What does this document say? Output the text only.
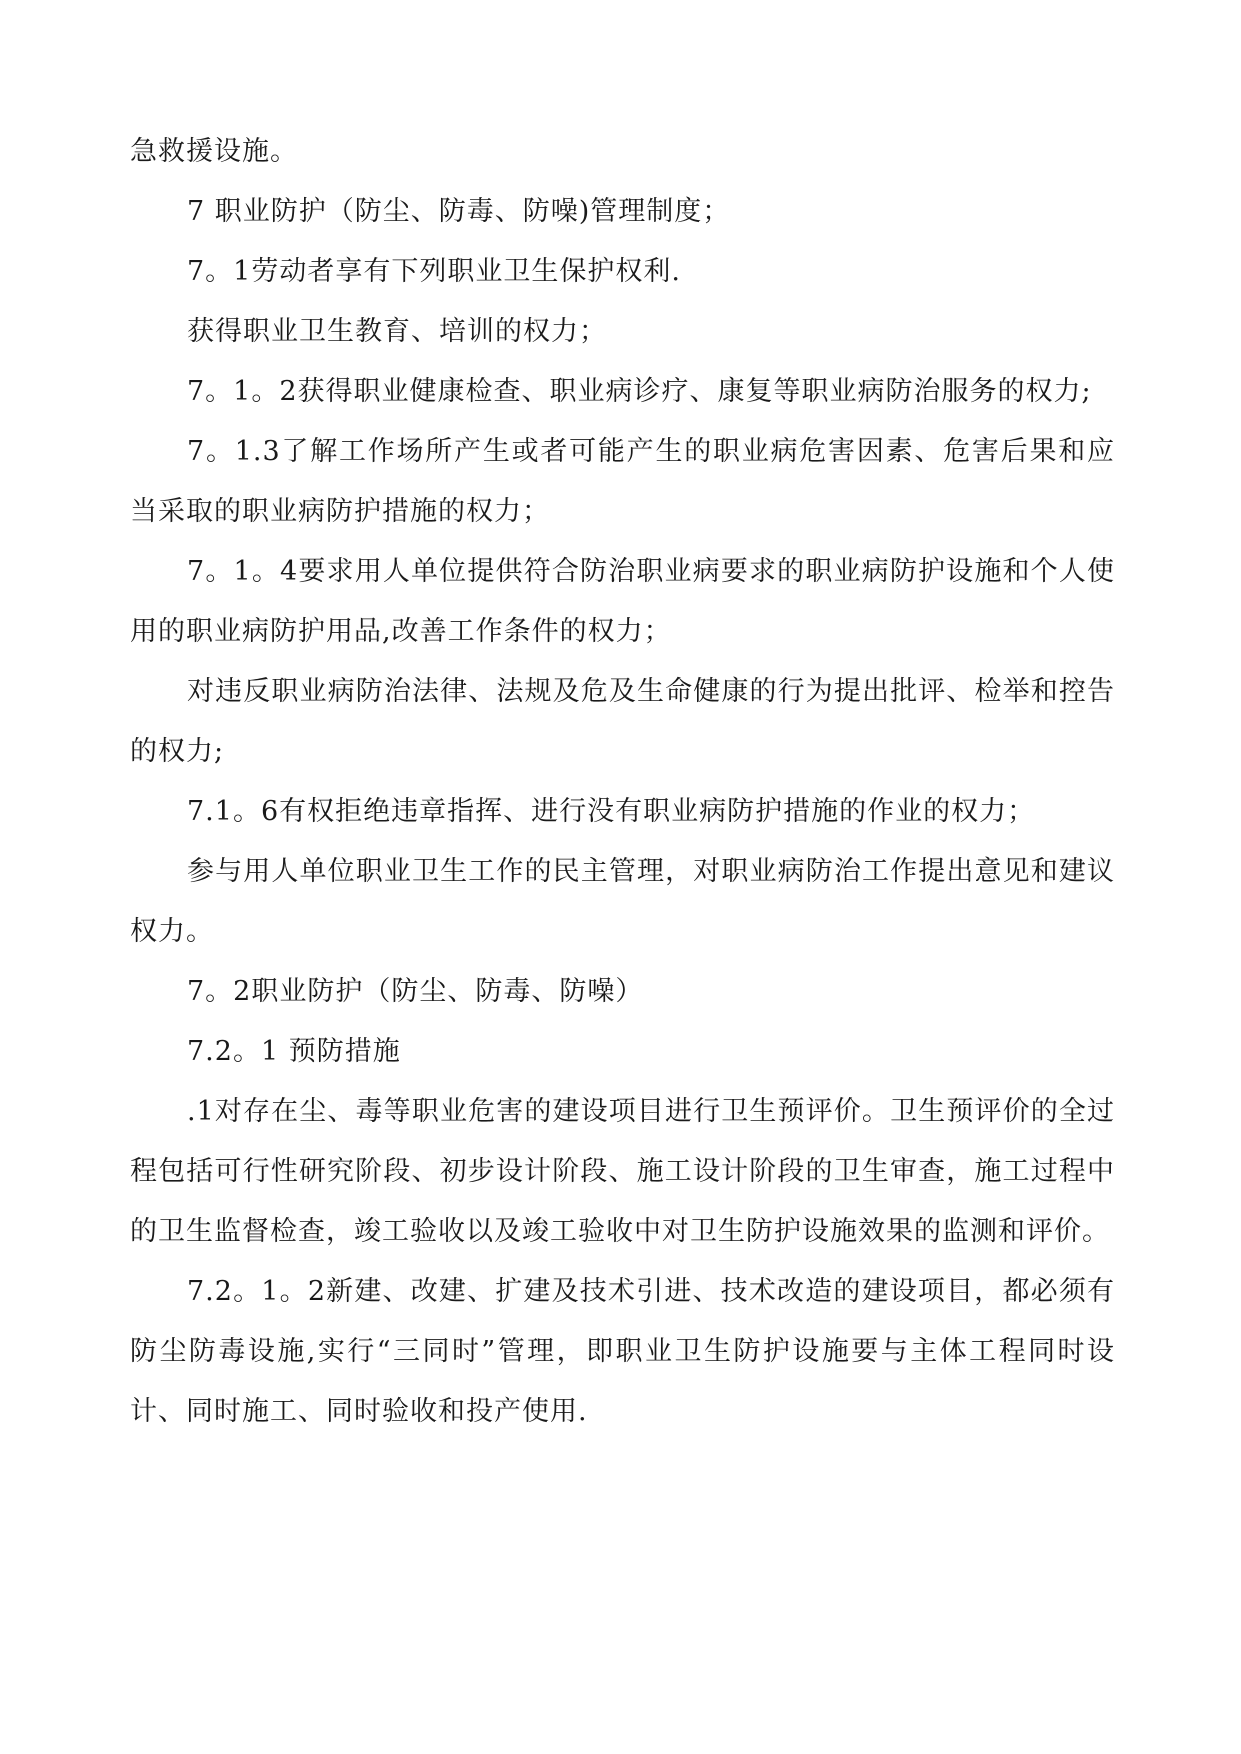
急救援设施。

7 职业防护（防尘、防毒、防噪)管理制度；

7。1劳动者享有下列职业卫生保护权利.

获得职业卫生教育、培训的权力；

7。1。2获得职业健康检查、职业病诊疗、康复等职业病防治服务的权力;

7。1.3了解工作场所产生或者可能产生的职业病危害因素、危害后果和应当采取的职业病防护措施的权力；

7。1。4要求用人单位提供符合防治职业病要求的职业病防护设施和个人使用的职业病防护用品,改善工作条件的权力；

对违反职业病防治法律、法规及危及生命健康的行为提出批评、检举和控告的权力;

7.1。6有权拒绝违章指挥、进行没有职业病防护措施的作业的权力；

参与用人单位职业卫生工作的民主管理，对职业病防治工作提出意见和建议权力。

7。2职业防护（防尘、防毒、防噪）

7.2。1 预防措施

.1对存在尘、毒等职业危害的建设项目进行卫生预评价。卫生预评价的全过程包括可行性研究阶段、初步设计阶段、施工设计阶段的卫生审查，施工过程中的卫生监督检查，竣工验收以及竣工验收中对卫生防护设施效果的监测和评价。

7.2。1。2新建、改建、扩建及技术引进、技术改造的建设项目，都必须有防尘防毒设施,实行“三同时”管理，即职业卫生防护设施要与主体工程同时设计、同时施工、同时验收和投产使用.
